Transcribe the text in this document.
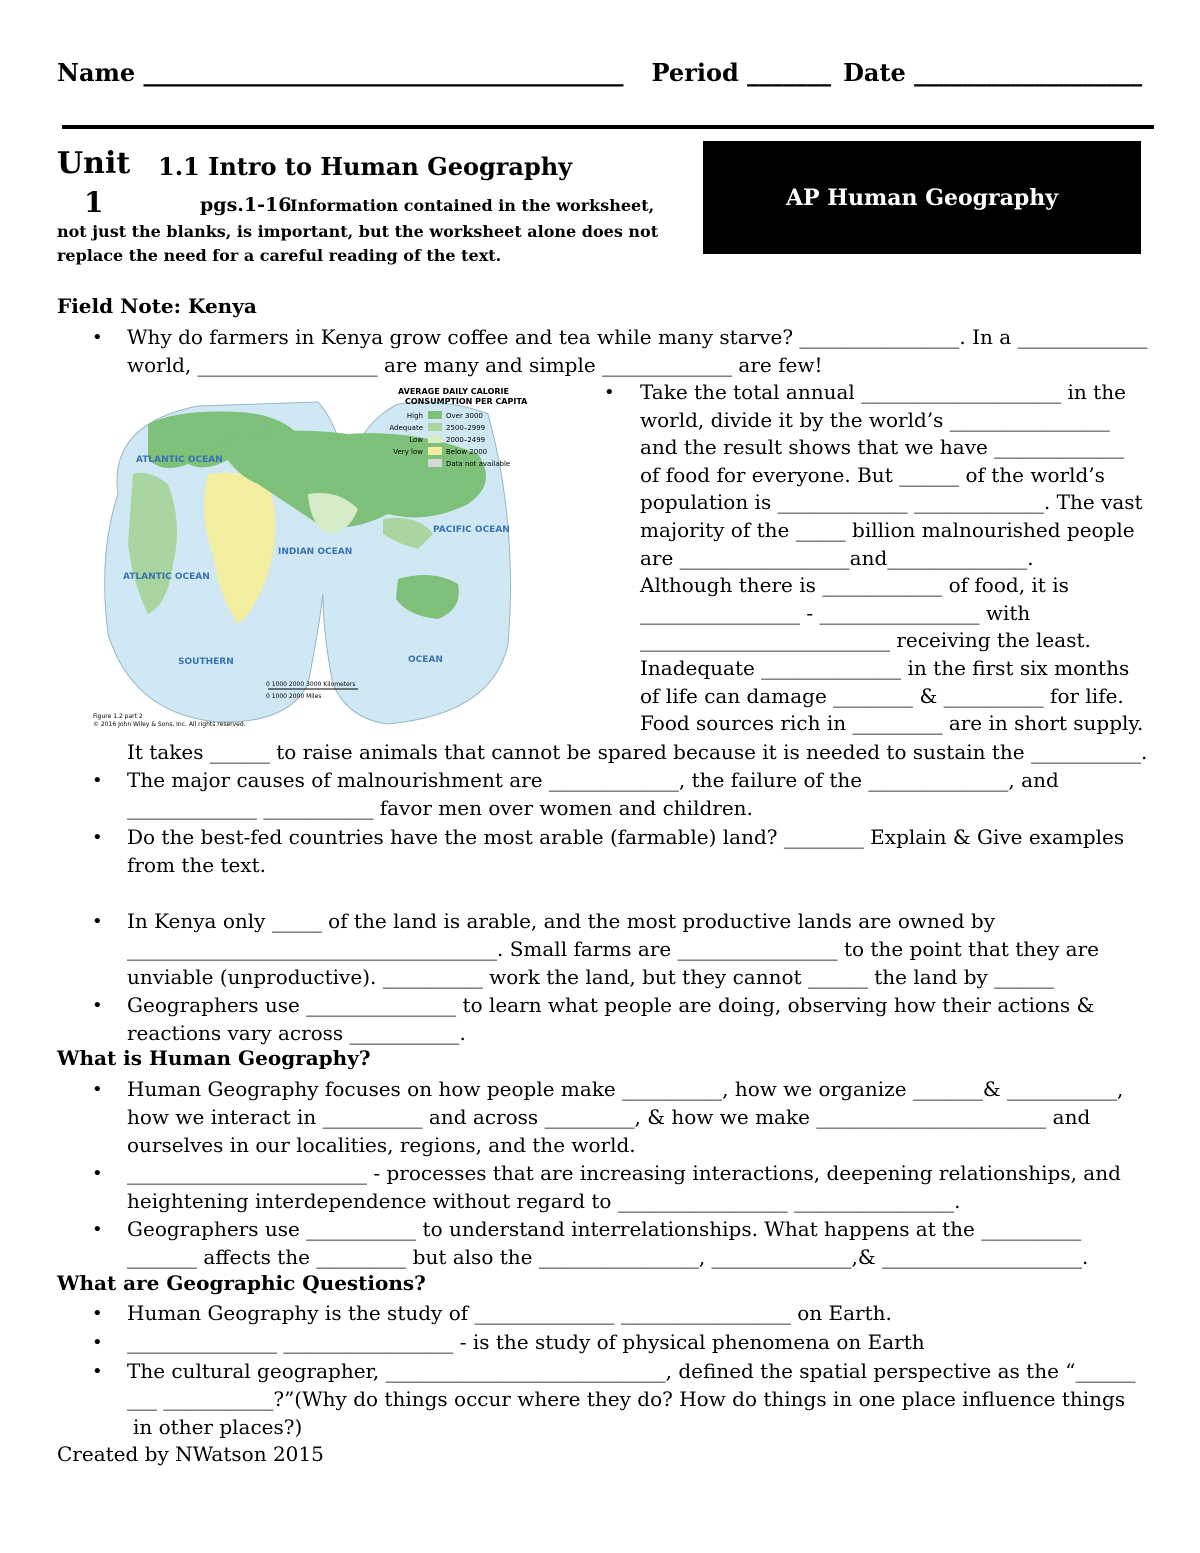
Name ________________________________________ Period _______ Date ___________________
Unit
1
1.1 Intro to Human Geography
pgs.1-16
Information contained in the worksheet,
not just the blanks, is important, but the worksheet alone does not
replace the need for a careful reading of the text.
AP Human Geography
Field Note: Kenya
• Why do farmers in Kenya grow coffee and tea while many starve? ________________. In a _____________
world, __________________ are many and simple _____________ are few!
ATLANTIC OCEAN
INDIAN OCEAN
PACIFIC OCEAN
ATLANTIC OCEAN
SOUTHERN	OCEAN
AVERAGE DAILY CALORIE
CONSUMPTION PER CAPITA
High	Over 3000
Adequate	2500–2999
Low	2000–2499
Very low	Below 2000
Data not available
0 1000 2000 3000 Kilometers
0 1000 2000 Miles
Figure 1.2 part 2
© 2016 John Wiley & Sons, Inc. All rights reserved.
• Take the total annual ____________________ in the
world, divide it by the world’s ________________
and the result shows that we have _____________
of food for everyone. But ______ of the world’s
population is _____________ _____________. The vast
majority of the _____ billion malnourished people
are _________________and______________.
Although there is ____________ of food, it is
________________ - ________________ with
_________________________ receiving the least.
Inadequate ______________ in the first six months
of life can damage ________ & __________ for life.
Food sources rich in _________ are in short supply.
It takes ______ to raise animals that cannot be spared because it is needed to sustain the ___________.
• The major causes of malnourishment are _____________, the failure of the ______________, and
_____________ ___________ favor men over women and children.
• Do the best-fed countries have the most arable (farmable) land? ________ Explain & Give examples
from the text.
• In Kenya only _____ of the land is arable, and the most productive lands are owned by
_____________________________________. Small farms are ________________ to the point that they are
unviable (unproductive). __________ work the land, but they cannot ______ the land by ______
• Geographers use _______________ to learn what people are doing, observing how their actions &
reactions vary across ___________.
What is Human Geography?
• Human Geography focuses on how people make __________, how we organize _______& ___________,
how we interact in __________ and across _________, & how we make _______________________ and
ourselves in our localities, regions, and the world.
• ________________________ - processes that are increasing interactions, deepening relationships, and
heightening interdependence without regard to _________________ ________________.
• Geographers use ___________ to understand interrelationships. What happens at the __________
_______ affects the _________ but also the ________________, ______________,& ____________________.
What are Geographic Questions?
• Human Geography is the study of ______________ _________________ on Earth.
• _______________ _________________ - is the study of physical phenomena on Earth
• The cultural geographer, ____________________________, defined the spatial perspective as the “______
___ ___________?”(Why do things occur where they do? How do things in one place influence things
in other places?)
Created by NWatson 2015
